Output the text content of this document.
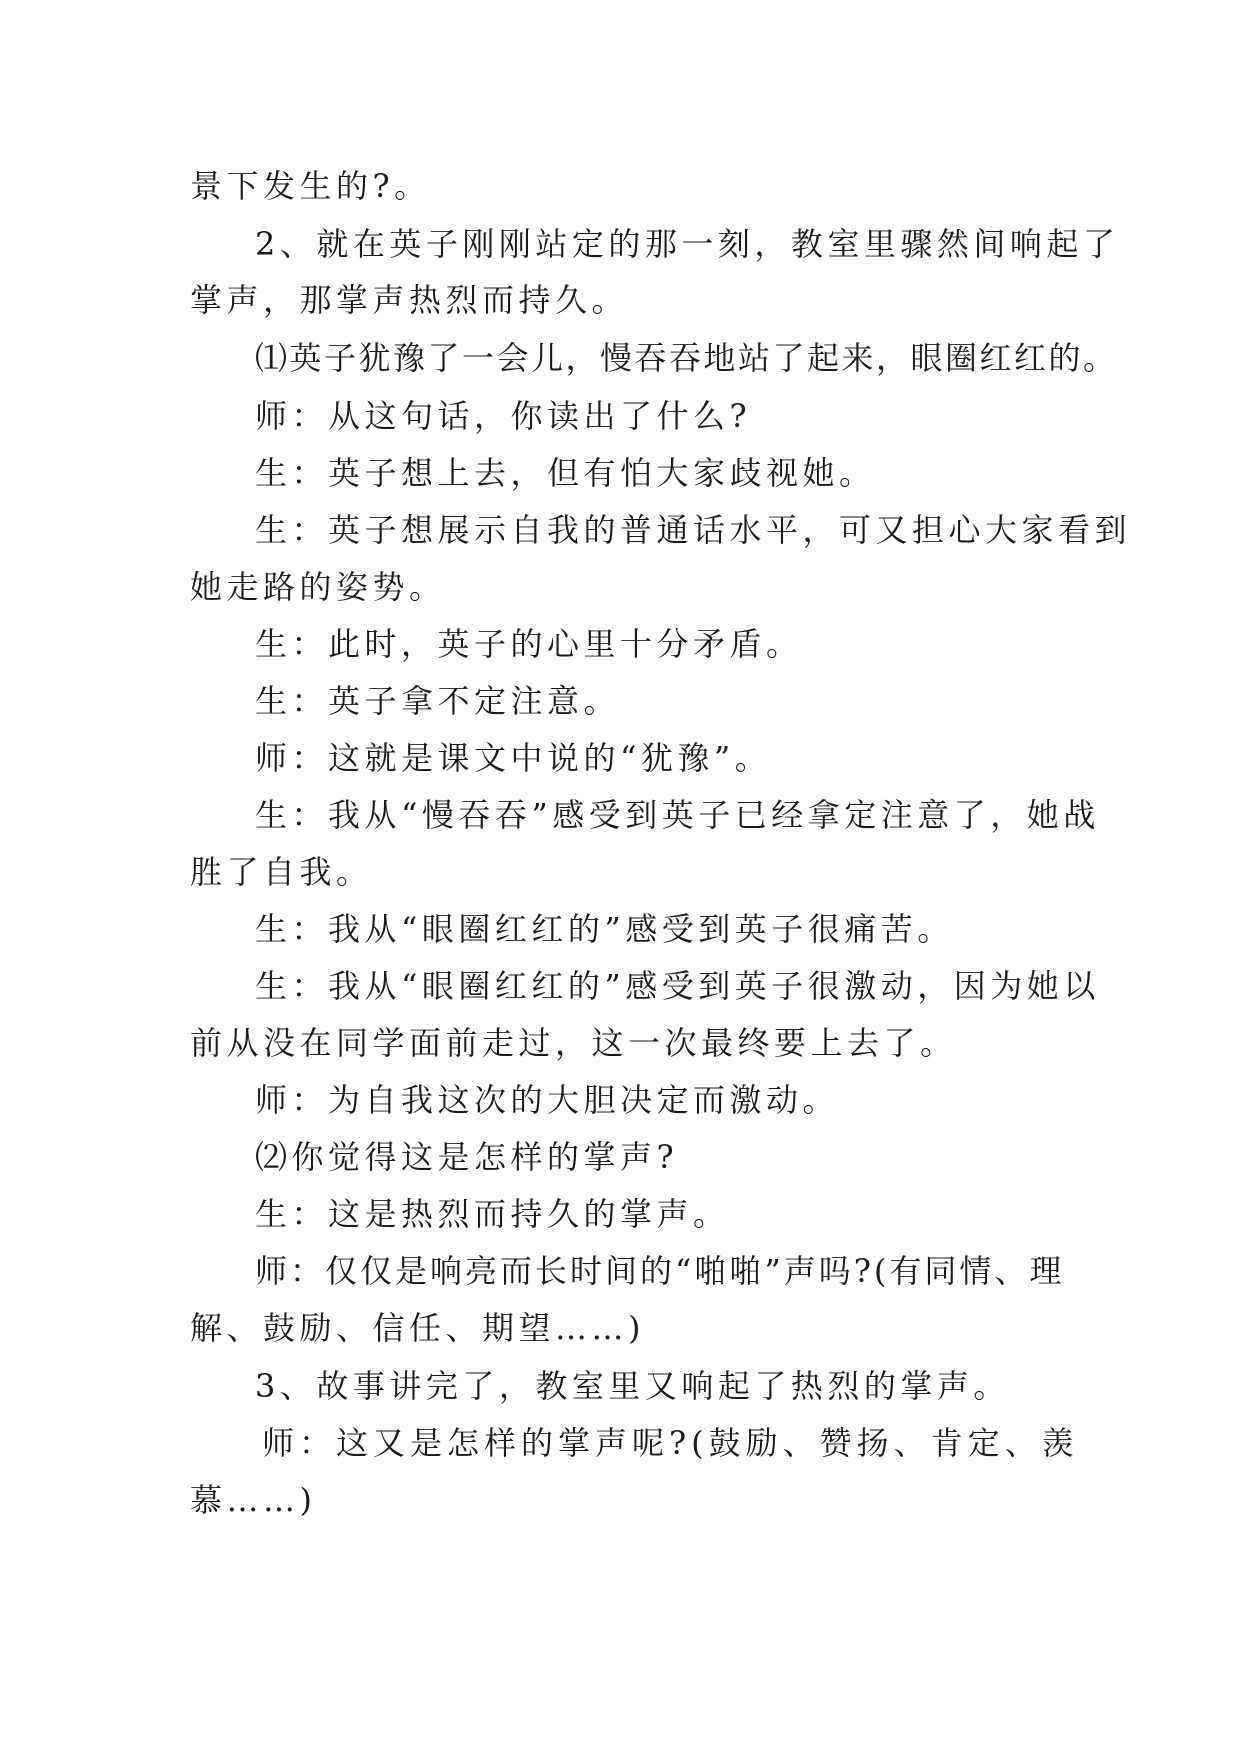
景下发生的?。
2、就在英子刚刚站定的那一刻，教室里骤然间响起了
掌声，那掌声热烈而持久。
⑴英子犹豫了一会儿，慢吞吞地站了起来，眼圈红红的。
师：从这句话，你读出了什么?
生：英子想上去，但有怕大家歧视她。
生：英子想展示自我的普通话水平，可又担心大家看到
她走路的姿势。
生：此时，英子的心里十分矛盾。
生：英子拿不定注意。
师：这就是课文中说的“犹豫”。
生：我从“慢吞吞”感受到英子已经拿定注意了，她战
胜了自我。
生：我从“眼圈红红的”感受到英子很痛苦。
生：我从“眼圈红红的”感受到英子很激动，因为她以
前从没在同学面前走过，这一次最终要上去了。
师：为自我这次的大胆决定而激动。
⑵你觉得这是怎样的掌声?
生：这是热烈而持久的掌声。
师：仅仅是响亮而长时间的“啪啪”声吗?(有同情、理
解、鼓励、信任、期望……)
3、故事讲完了，教室里又响起了热烈的掌声。
师：这又是怎样的掌声呢?(鼓励、赞扬、肯定、羡
慕……)
